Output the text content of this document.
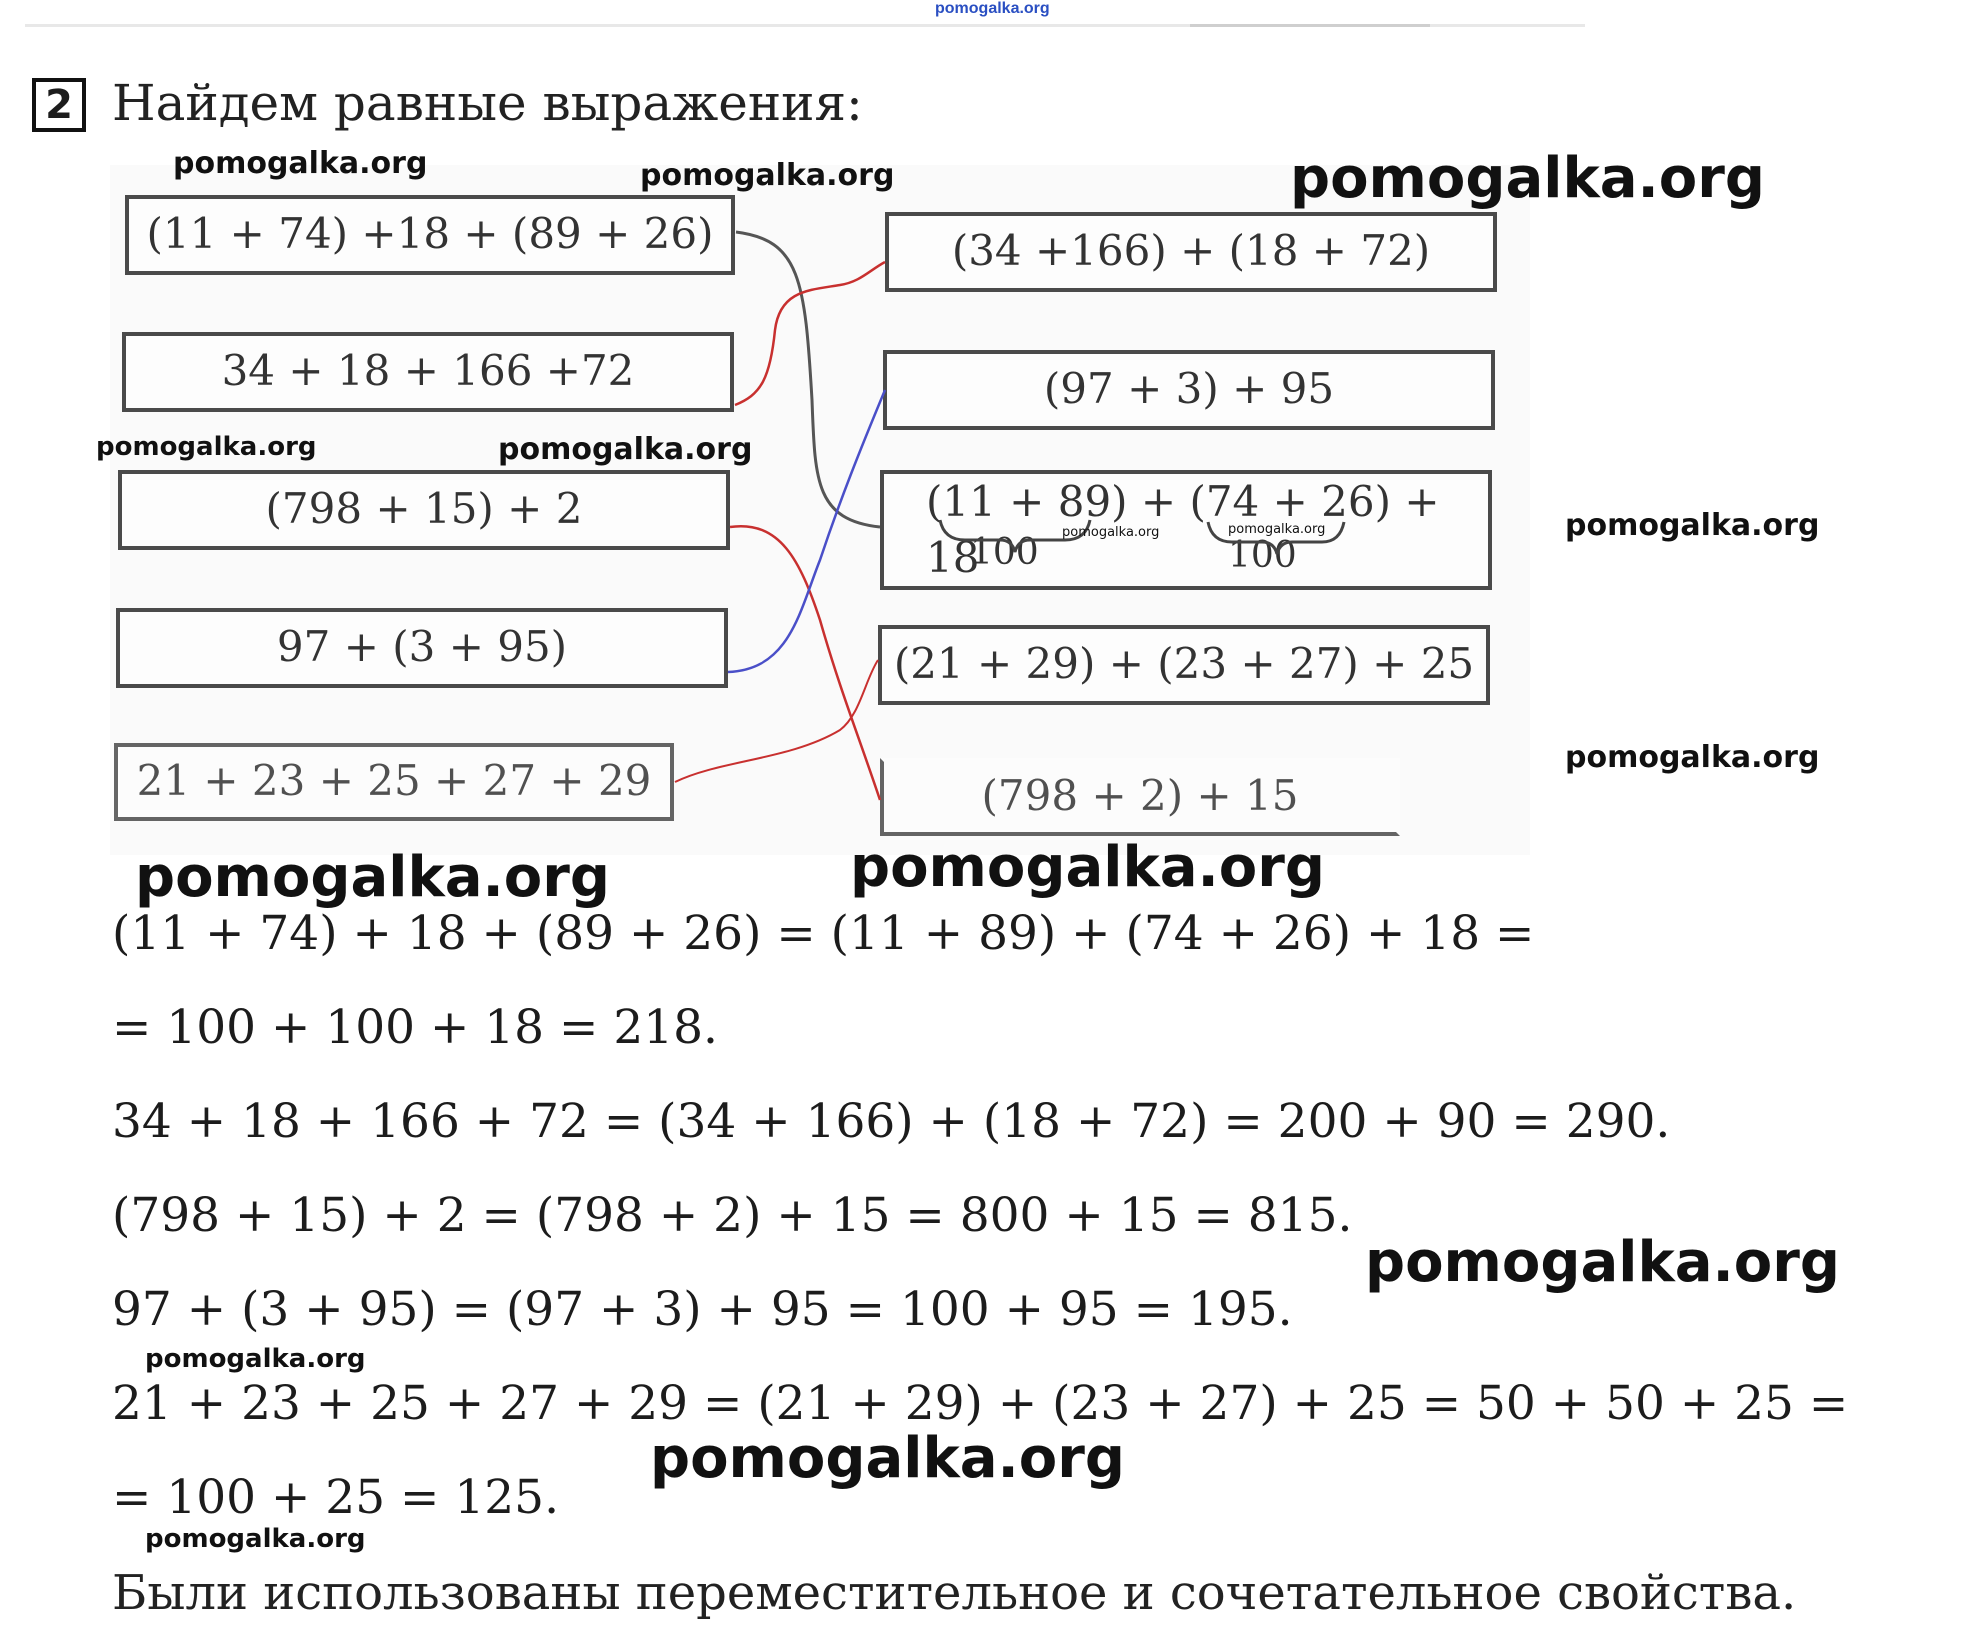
pomogalka.org
2 Найдем равные выражения:
(11 + 74) +18 + (89 + 26)
34 + 18 + 166 +72
(798 + 15) + 2
97 + (3 + 95)
21 + 23 + 25 + 27 + 29
(34 +166) + (18 + 72)
(97 + 3) + 95
(11 + 89) + (74 + 26) + 18
(21 + 29) + (23 + 27) + 25
(798 + 2) + 15
100	100
pomogalka.org	pomogalka.org	pomogalka.org
pomogalka.org	pomogalka.org
pomogalka.org	pomogalka.org	pomogalka.org
pomogalka.org
pomogalka.org	pomogalka.org
pomogalka.org
pomogalka.org
pomogalka.org
pomogalka.org
(11 + 74) + 18 + (89 + 26) = (11 + 89) + (74 + 26) + 18 =
= 100 + 100 + 18 = 218.
34 + 18 + 166 + 72 = (34 + 166) + (18 + 72) = 200 + 90 = 290.
(798 + 15) + 2 = (798 + 2) + 15 = 800 + 15 = 815.
97 + (3 + 95) = (97 + 3) + 95 = 100 + 95 = 195.
21 + 23 + 25 + 27 + 29 = (21 + 29) + (23 + 27) + 25 = 50 + 50 + 25 =
= 100 + 25 = 125.
Были использованы переместительное и сочетательное свойства.
